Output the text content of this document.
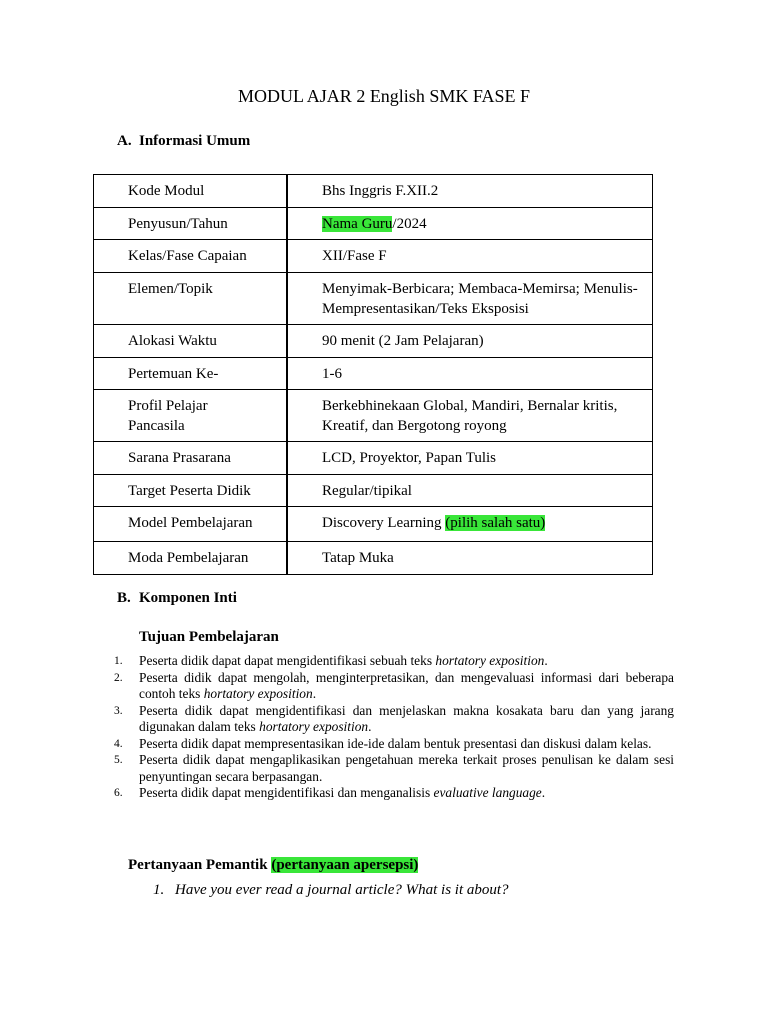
MODUL AJAR 2 English SMK FASE F
A. Informasi Umum
Kode Modul	Bhs Inggris F.XII.2
Penyusun/Tahun	Nama Guru/2024
Kelas/Fase Capaian	XII/Fase F
Elemen/Topik	Menyimak-Berbicara; Membaca-Memirsa; Menulis-
Mempresentasikan/Teks Eksposisi
Alokasi Waktu	90 menit (2 Jam Pelajaran)
Pertemuan Ke-	1-6
Profil Pelajar
Pancasila	Berkebhinekaan Global, Mandiri, Bernalar kritis,
Kreatif, dan Bergotong royong
Sarana Prasarana	LCD, Proyektor, Papan Tulis
Target Peserta Didik	Regular/tipikal
Model Pembelajaran	Discovery Learning (pilih salah satu)
Moda Pembelajaran	Tatap Muka
B. Komponen Inti
Tujuan Pembelajaran
1. Peserta didik dapat dapat mengidentifikasi sebuah teks hortatory exposition.
2. Peserta didik dapat mengolah, menginterpretasikan, dan mengevaluasi informasi dari beberapa contoh teks hortatory exposition.
3. Peserta didik dapat mengidentifikasi dan menjelaskan makna kosakata baru dan yang jarang digunakan dalam teks hortatory exposition.
4. Peserta didik dapat mempresentasikan ide-ide dalam bentuk presentasi dan diskusi dalam kelas.
5. Peserta didik dapat mengaplikasikan pengetahuan mereka terkait proses penulisan ke dalam sesi penyuntingan secara berpasangan.
6. Peserta didik dapat mengidentifikasi dan menganalisis evaluative language.
Pertanyaan Pemantik (pertanyaan apersepsi)
1. Have you ever read a journal article? What is it about?
